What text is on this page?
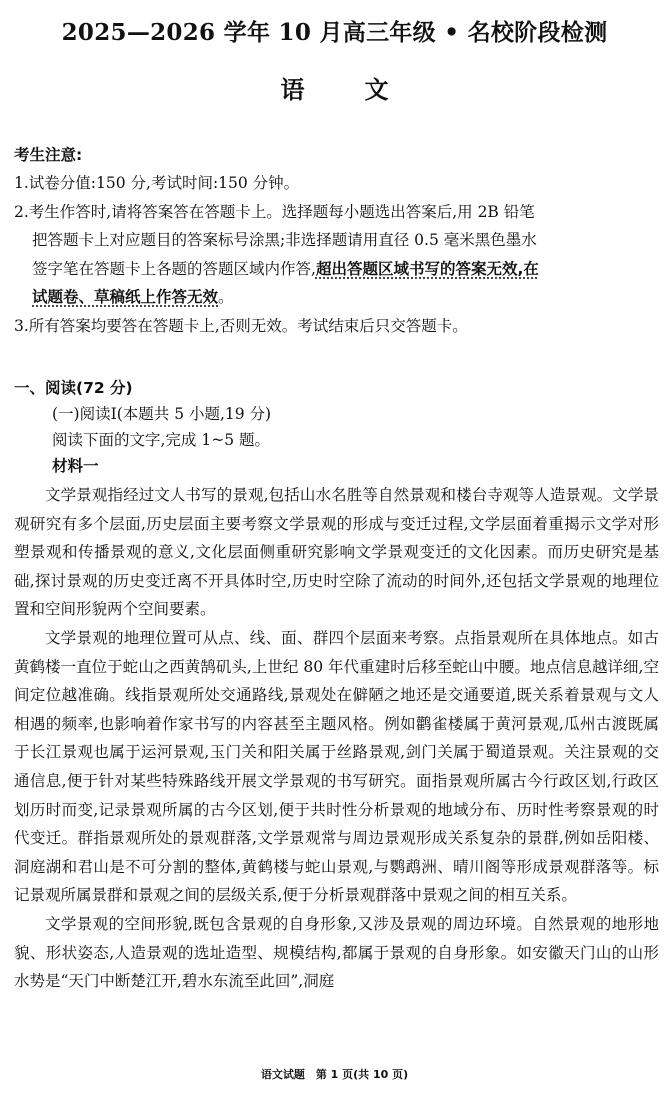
2025—2026 学年 10 月高三年级 • 名校阶段检测
语文
考生注意:
1.试卷分值:150 分,考试时间:150 分钟。
2.考生作答时,请将答案答在答题卡上。选择题每小题选出答案后,用 2B 铅笔
把答题卡上对应题目的答案标号涂黑;非选择题请用直径 0.5 毫米黑色墨水
签字笔在答题卡上各题的答题区域内作答,超出答题区域书写的答案无效,在
试题卷、草稿纸上作答无效。
3.所有答案均要答在答题卡上,否则无效。考试结束后只交答题卡。
一、阅读(72 分)
(一)阅读Ⅰ(本题共 5 小题,19 分)
阅读下面的文字,完成 1~5 题。
材料一

文学景观指经过文人书写的景观,包括山水名胜等自然景观和楼台寺观等人造景观。文学景观研究有多个层面,历史层面主要考察文学景观的形成与变迁过程,文学层面着重揭示文学对形塑景观和传播景观的意义,文化层面侧重研究影响文学景观变迁的文化因素。而历史研究是基础,探讨景观的历史变迁离不开具体时空,历史时空除了流动的时间外,还包括文学景观的地理位置和空间形貌两个空间要素。

文学景观的地理位置可从点、线、面、群四个层面来考察。点指景观所在具体地点。如古黄鹤楼一直位于蛇山之西黄鹄矶头,上世纪 80 年代重建时后移至蛇山中腰。地点信息越详细,空间定位越准确。线指景观所处交通路线,景观处在僻陋之地还是交通要道,既关系着景观与文人相遇的频率,也影响着作家书写的内容甚至主题风格。例如鹳雀楼属于黄河景观,瓜州古渡既属于长江景观也属于运河景观,玉门关和阳关属于丝路景观,剑门关属于蜀道景观。关注景观的交通信息,便于针对某些特殊路线开展文学景观的书写研究。面指景观所属古今行政区划,行政区划历时而变,记录景观所属的古今区划,便于共时性分析景观的地域分布、历时性考察景观的时代变迁。群指景观所处的景观群落,文学景观常与周边景观形成关系复杂的景群,例如岳阳楼、洞庭湖和君山是不可分割的整体,黄鹤楼与蛇山景观,与鹦鹉洲、晴川阁等形成景观群落等。标记景观所属景群和景观之间的层级关系,便于分析景观群落中景观之间的相互关系。

文学景观的空间形貌,既包含景观的自身形象,又涉及景观的周边环境。自然景观的地形地貌、形状姿态,人造景观的选址造型、规模结构,都属于景观的自身形象。如安徽天门山的山形水势是“天门中断楚江开,碧水东流至此回”,洞庭

语文试题　第 1 页(共 10 页)
